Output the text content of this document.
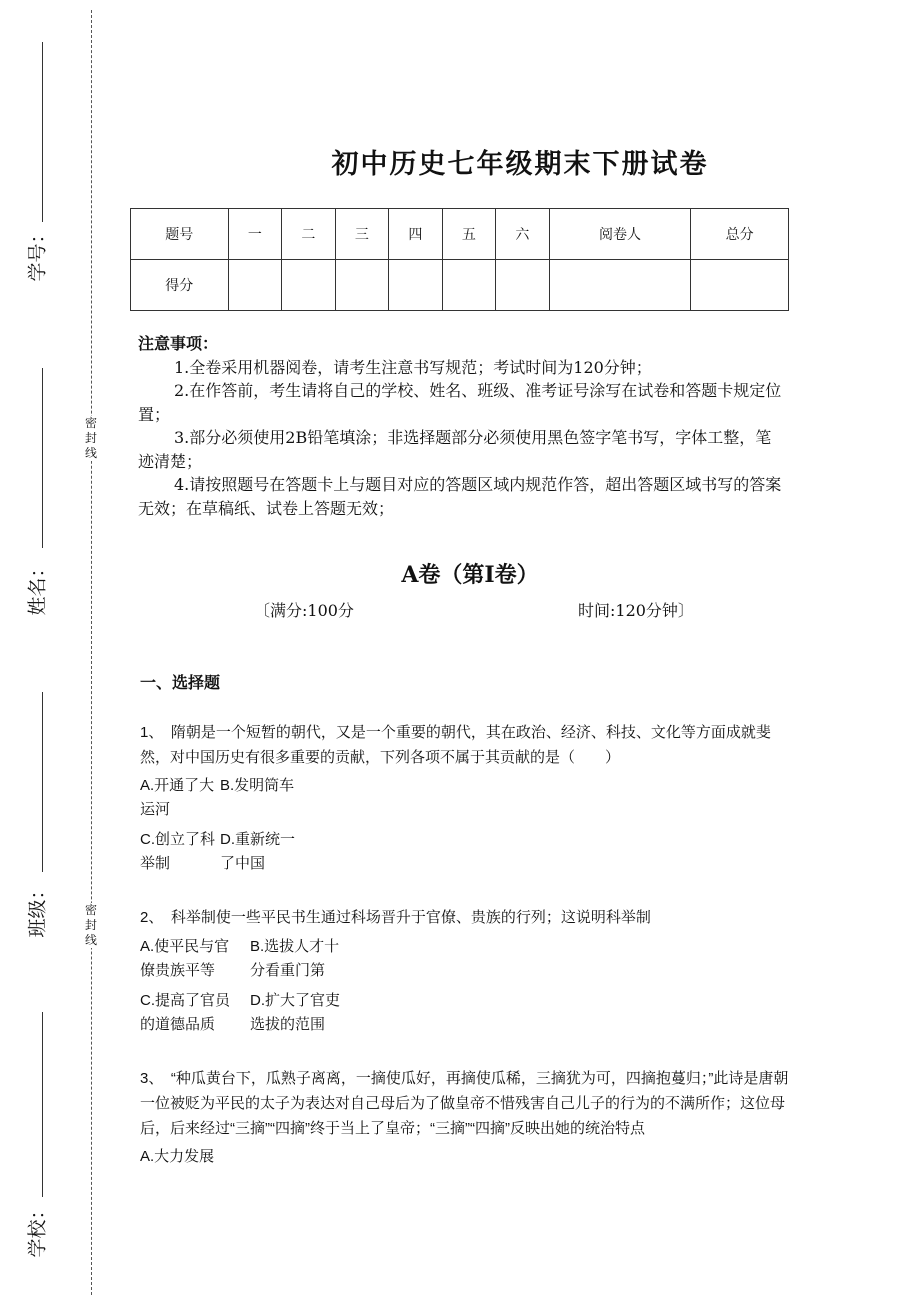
密封线
密封线
学号：
姓名：
班级：
学校：
初中历史七年级期末下册试卷
题号	一	二	三	四	五	六	阅卷人	总分
得分								
注意事项：
1.全卷采用机器阅卷，请考生注意书写规范；考试时间为120分钟；
2.在作答前，考生请将自己的学校、姓名、班级、准考证号涂写在试卷和答题卡规定位置；
3.部分必须使用2B铅笔填涂；非选择题部分必须使用黑色签字笔书写，字体工整，笔迹清楚；
4.请按照题号在答题卡上与题目对应的答题区域内规范作答，超出答题区域书写的答案无效；在草稿纸、试卷上答题无效；
A卷（第I卷）
〔满分:100分	时间:120分钟〕
一、选择题
1、　隋朝是一个短暂的朝代，又是一个重要的朝代，其在政治、经济、科技、文化等方面成就斐然，对中国历史有很多重要的贡献，下列各项不属于其贡献的是（　　）
A.开通了大运河
B.发明筒车
C.创立了科举制
D.重新统一了中国
2、　科举制使一些平民书生通过科场晋升于官僚、贵族的行列；这说明科举制
A.使平民与官僚贵族平等
B.选拔人才十分看重门第
C.提高了官员的道德品质
D.扩大了官吏选拔的范围
3、　“种瓜黄台下，瓜熟子离离，一摘使瓜好，再摘使瓜稀，三摘犹为可，四摘抱蔓归；”此诗是唐朝一位被贬为平民的太子为表达对自己母后为了做皇帝不惜残害自己儿子的行为的不满所作；这位母后，后来经过“三摘”“四摘”终于当上了皇帝；“三摘”“四摘”反映出她的统治特点
A.大力发展
